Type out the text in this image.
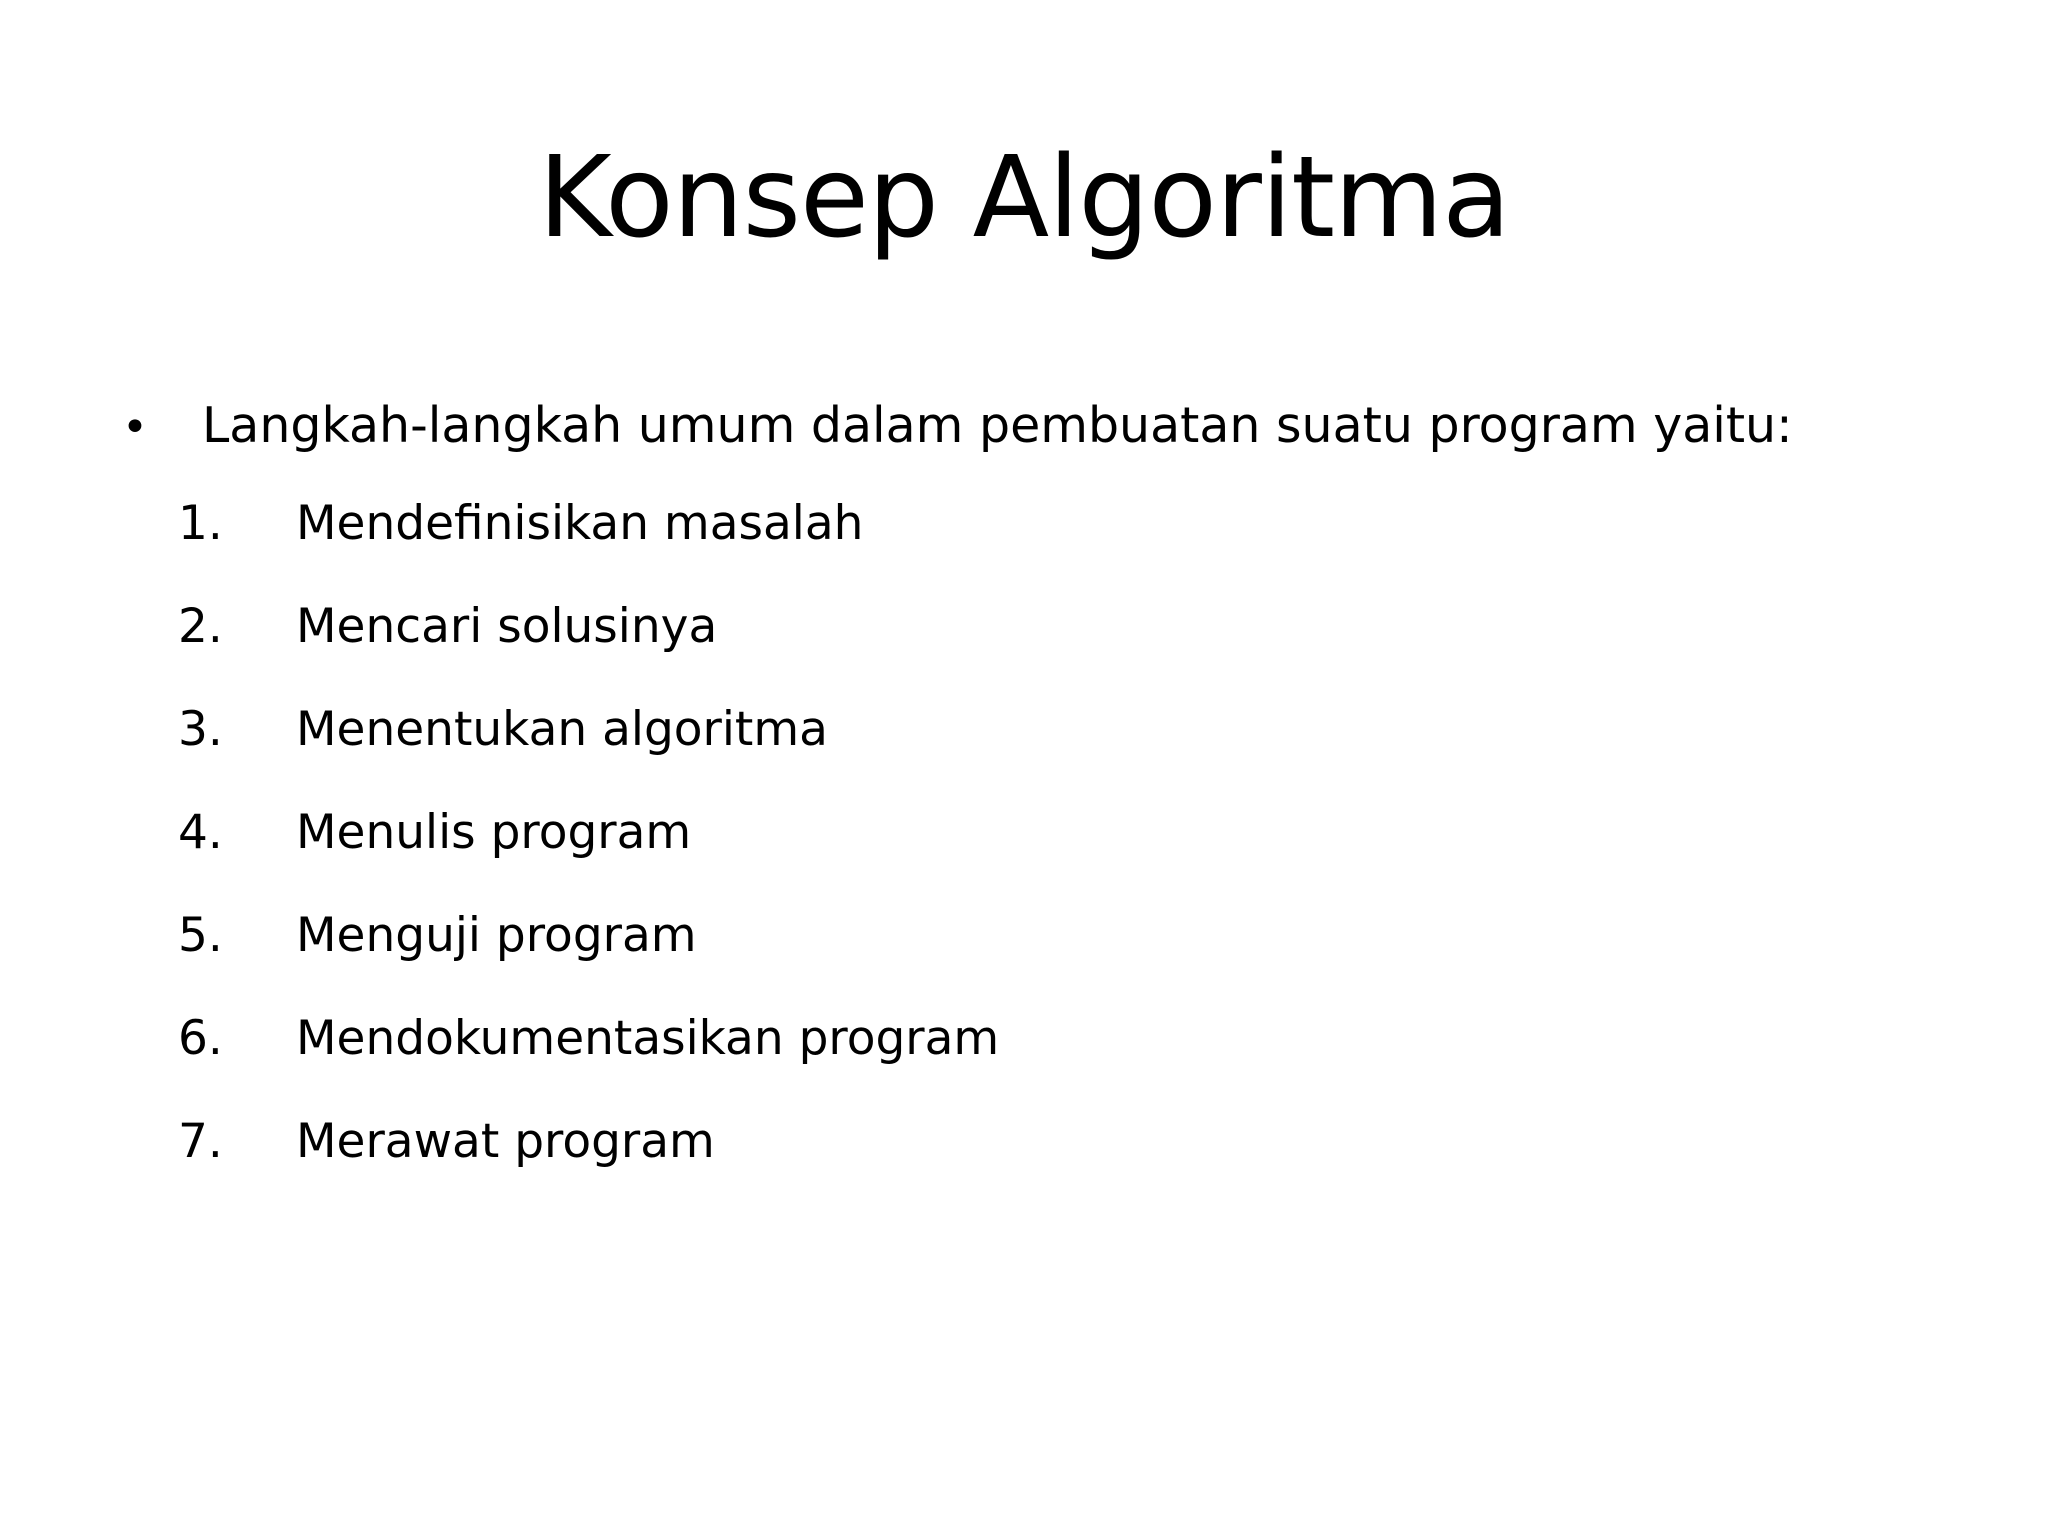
Konsep Algoritma
•	Langkah-langkah umum dalam pembuatan suatu program yaitu:
1.	Mendefinisikan masalah
2.	Mencari solusinya
3.	Menentukan algoritma
4.	Menulis program
5.	Menguji program
6.	Mendokumentasikan program
7.	Merawat program
